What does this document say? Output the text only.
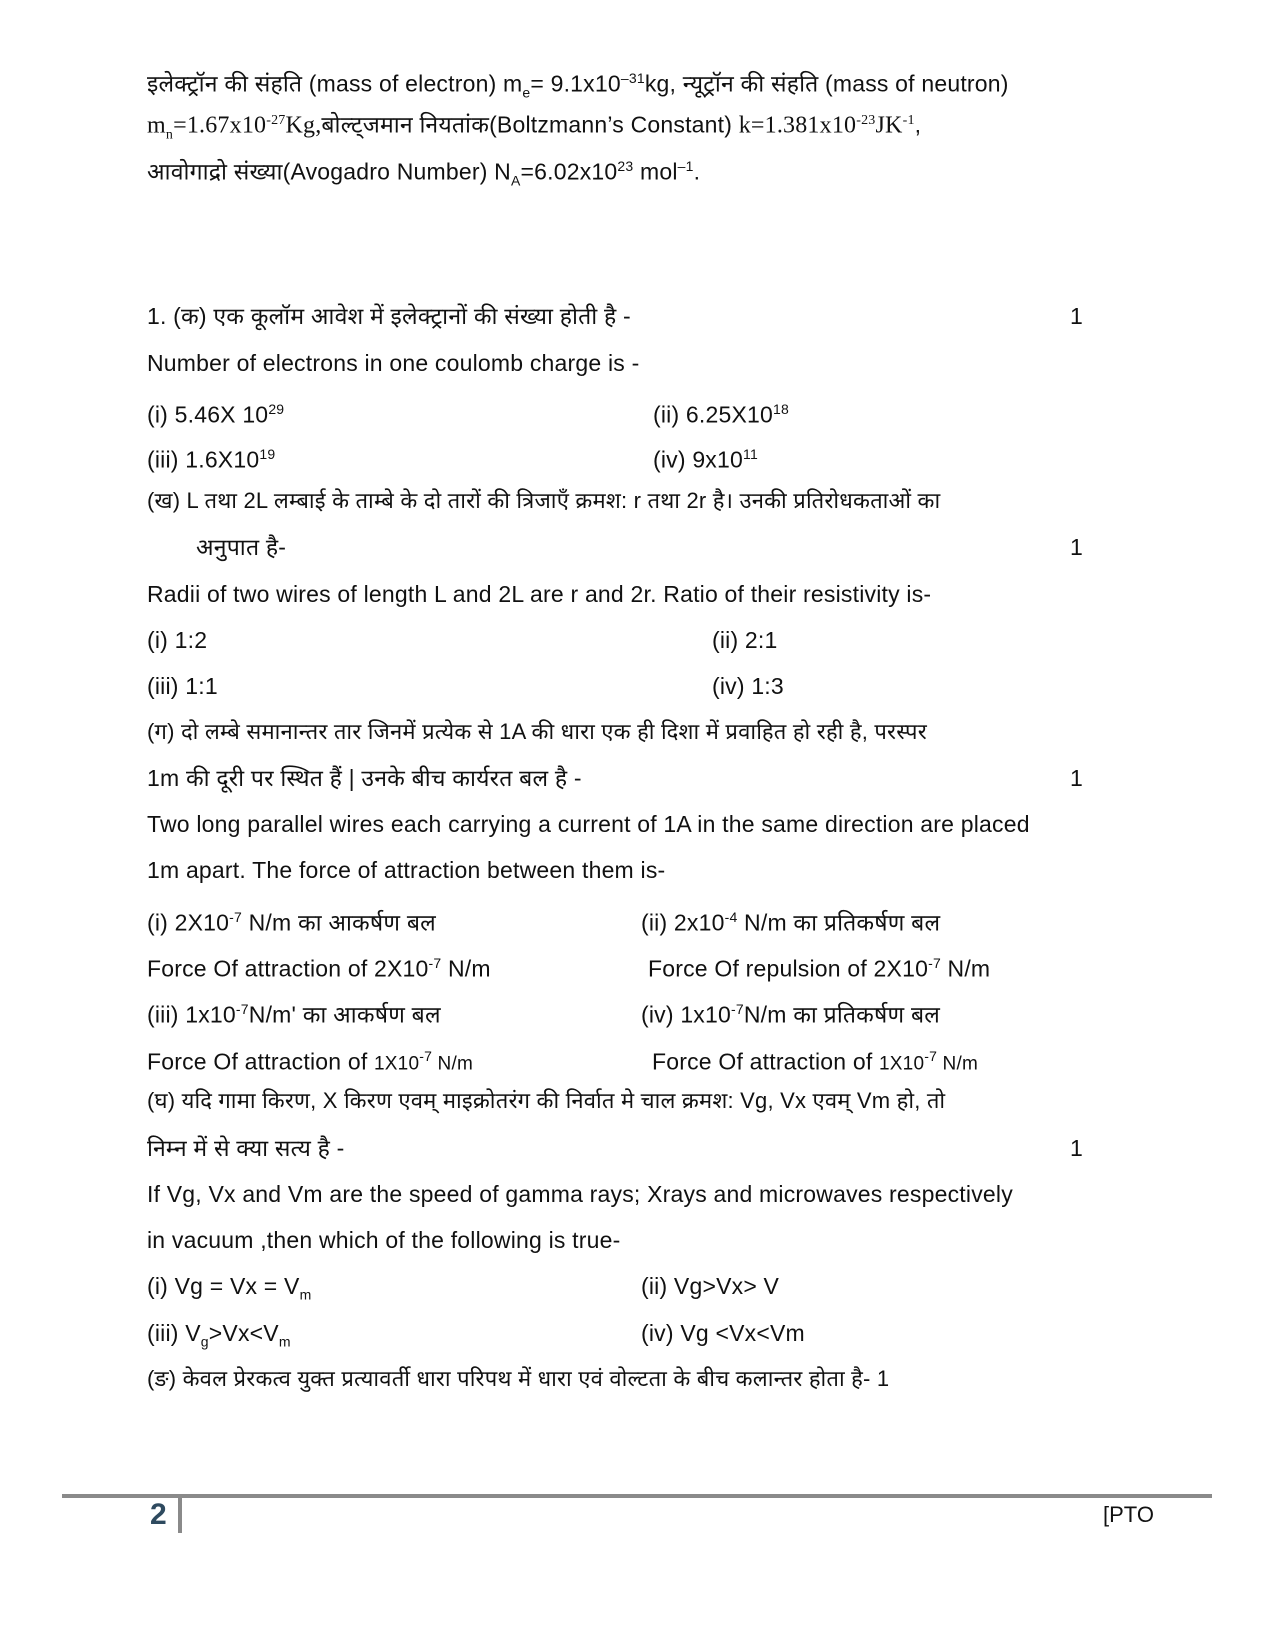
इलेक्ट्रॉन की संहति (mass of electron) $m_e= 9.1x10^{-31}kg$, न्यूट्रॉन की संहति (mass of neutron)
$m_n=1.67x10^{-27}Kg,बोल्ट्जमान$ नियतांक(Boltzmann’s Constant) $k=1.381x10^{-23}JK^{-1}$,
आवोगाद्रो संख्या(Avogadro Number) $N_A=6.02x10^{23}$ mol$^{-1}$.
1. (क) एक कूलॉम आवेश में इलेक्ट्रानों की संख्या होती है -	1
Number of electrons in one coulomb charge is -
(i) 5.46X $10^{29}$	(ii) $6.25X10^{18}$
(iii) $1.6X10^{19}$	(iv) $9x10^{11}$
(ख) L तथा 2L लम्बाई के ताम्बे के दो तारों की त्रिजाएँ क्रमश: r तथा 2r है। उनकी प्रतिरोधकताओं का
अनुपात है-	1
Radii of two wires of length L and 2L are r and 2r. Ratio of their resistivity is-
(i) 1:2	(ii) 2:1
(iii) 1:1	(iv) 1:3
(ग) दो लम्बे समानान्तर तार जिनमें प्रत्येक से 1A की धारा एक ही दिशा में प्रवाहित हो रही है, परस्पर
1m की दूरी पर स्थित हैं | उनके बीच कार्यरत बल है -	1
Two long parallel wires each carrying a current of 1A in the same direction are placed
1m apart. The force of attraction between them is-
(i) $2X10^{-7}$ N/m का आकर्षण बल	(ii) $2x10^{-4}$ N/m का प्रतिकर्षण बल
Force Of attraction of $2X10^{-7}$ N/m	Force Of repulsion of $2X10^{-7}$ N/m
(iii) $1x10^{-7}N/m'$ का आकर्षण बल	(iv) $1x10^{-7}N/m$ का प्रतिकर्षण बल
Force Of attraction of $1X10^{-7}$ N/m	Force Of attraction of $1X10^{-7}$ N/m
(घ) यदि गामा किरण, X किरण एवम् माइक्रोतरंग की निर्वात मे चाल क्रमश: Vg, Vx एवम् Vm हो, तो
निम्न में से क्या सत्य है -	1
If Vg, Vx and Vm are the speed of gamma rays; Xrays and microwaves respectively
in vacuum ,then which of the following is true-
(i) $Vg = Vx = V_m$	(ii) Vg>Vx> V
(iii) $V_g>Vx<V_m$	(iv) Vg <Vx<Vm
(ङ) केवल प्रेरकत्व युक्त प्रत्यावर्ती धारा परिपथ में धारा एवं वोल्टता के बीच कलान्तर होता है- 1
2	[PTO
